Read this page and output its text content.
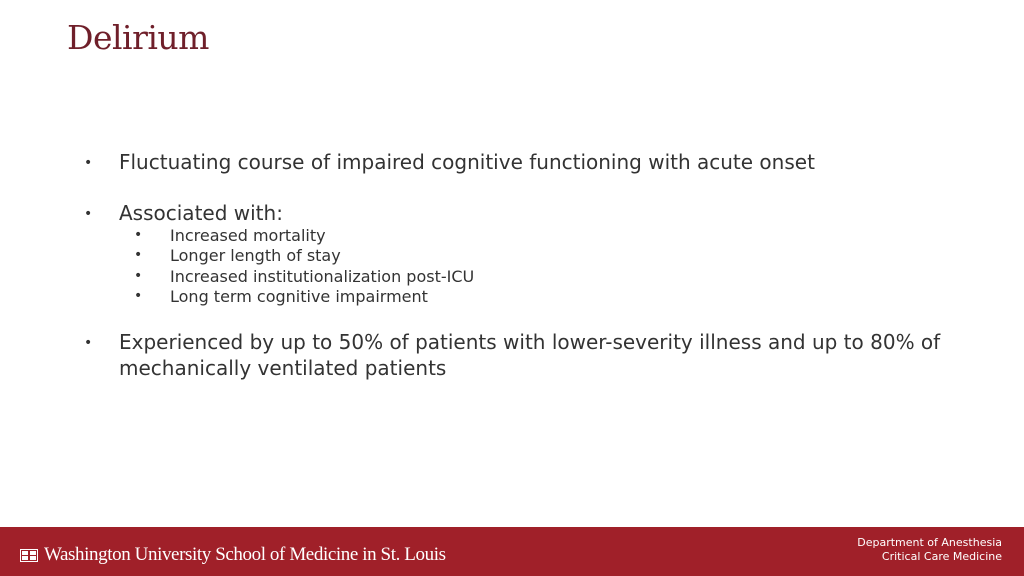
Delirium
• Fluctuating course of impaired cognitive functioning with acute onset
• Associated with:
• Increased mortality
• Longer length of stay
• Increased institutionalization post-ICU
• Long term cognitive impairment
• Experienced by up to 50% of patients with lower-severity illness and up to 80% of mechanically ventilated patients
Washington University School of Medicine in St. Louis
Department of Anesthesia
Critical Care Medicine
